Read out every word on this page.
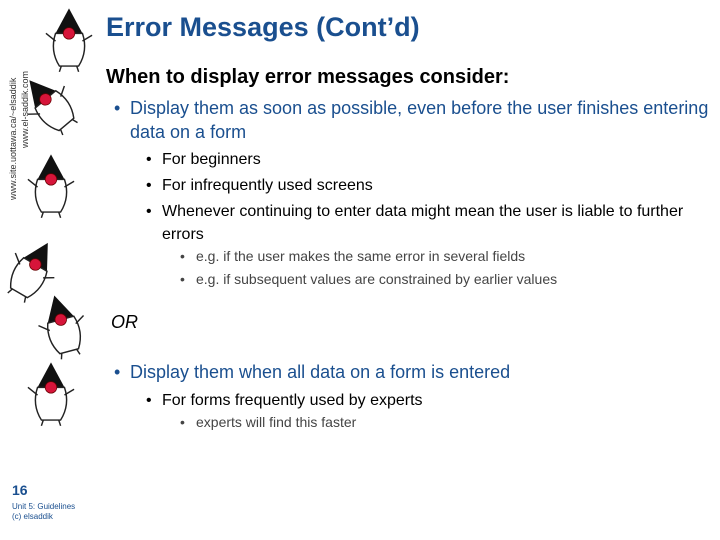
www.site.uottawa.ca/~elsaddik www.el-saddik.com
Error Messages (Cont’d)
When to display error messages consider:
• Display them as soon as possible, even before the user finishes entering data on a form
• For beginners
• For infrequently used screens
• Whenever continuing to enter data might mean the user is liable to further errors
• e.g. if the user makes the same error in several fields
• e.g. if subsequent values are constrained by earlier values
OR
• Display them when all data on a form is entered
• For forms frequently used by experts
• experts will find this faster
16
Unit 5: Guidelines
(c) elsaddik
